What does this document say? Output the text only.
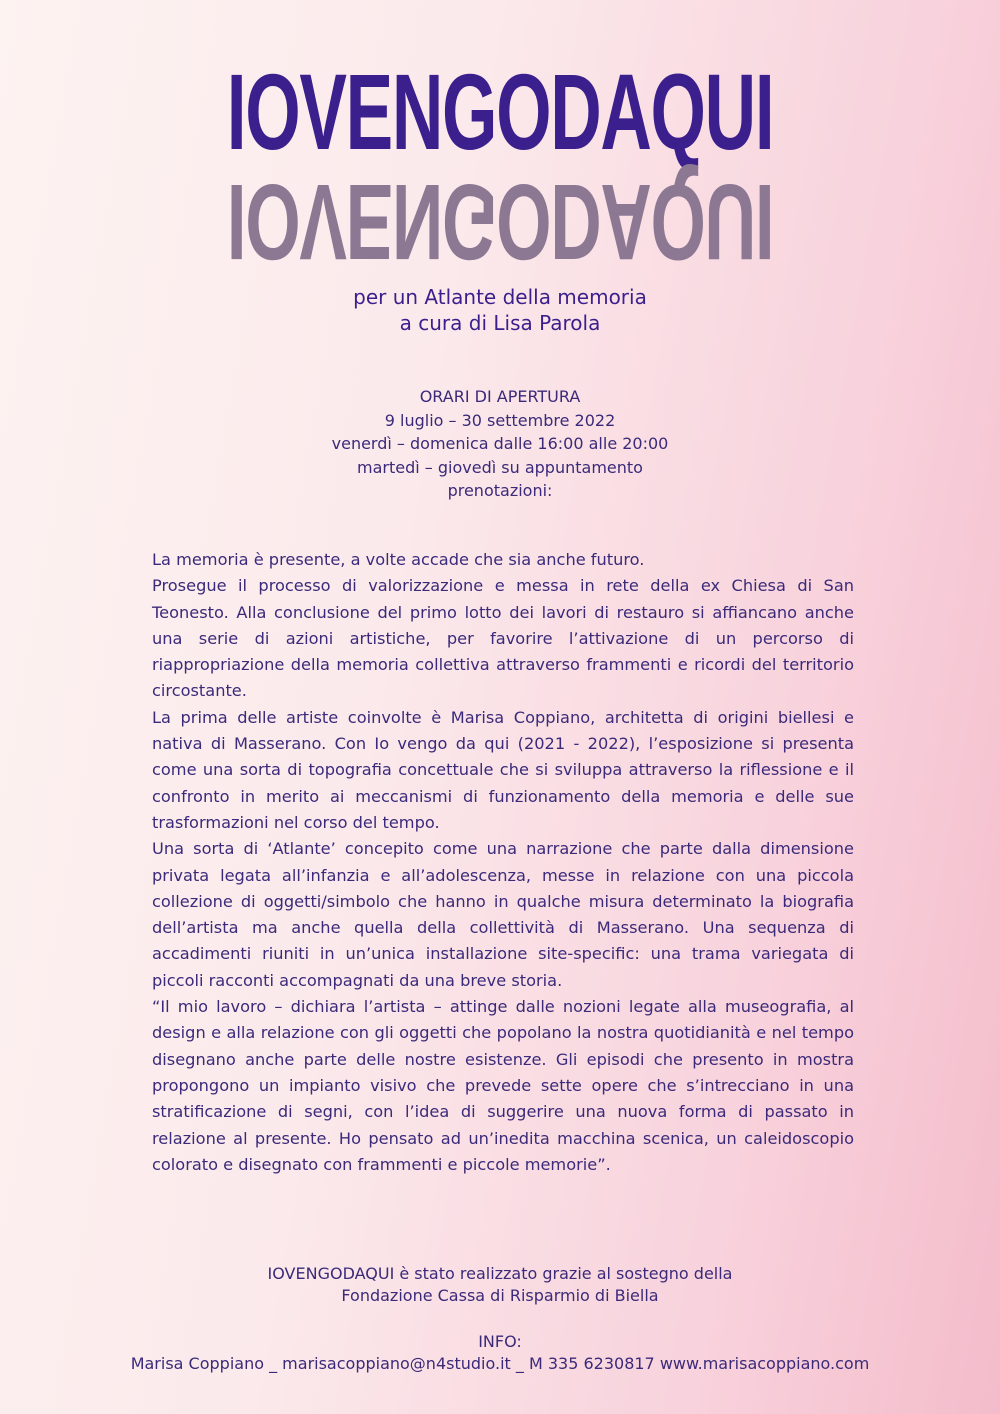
IOVENGODAQUI
IOVENGODAQUI
per un Atlante della memoria
a cura di Lisa Parola
ORARI DI APERTURA
9 luglio – 30 settembre 2022
venerdì – domenica dalle 16:00 alle 20:00
martedì – giovedì su appuntamento
prenotazioni:

La memoria è presente, a volte accade che sia anche futuro.

Prosegue il processo di valorizzazione e messa in rete della ex Chiesa di San Teonesto. Alla conclusione del primo lotto dei lavori di restauro si affiancano anche una serie di azioni artistiche, per favorire l’attivazione di un percorso di riappropriazione della memoria collettiva attraverso frammenti e ricordi del territorio circostante.

La prima delle artiste coinvolte è Marisa Coppiano, architetta di origini biellesi e nativa di Masserano. Con Io vengo da qui (2021 - 2022), l’esposizione si presenta come una sorta di topografia concettuale che si sviluppa attraverso la riflessione e il confronto in merito ai meccanismi di funzionamento della memoria e delle sue trasformazioni nel corso del tempo.

Una sorta di ‘Atlante’ concepito come una narrazione che parte dalla dimensione privata legata all’infanzia e all’adolescenza, messe in relazione con una piccola collezione di oggetti/simbolo che hanno in qualche misura determinato la biografia dell’artista ma anche quella della collettività di Masserano. Una sequenza di accadimenti riuniti in un’unica installazione site-specific: una trama variegata di piccoli racconti accompagnati da una breve storia.

“Il mio lavoro – dichiara l’artista – attinge dalle nozioni legate alla museografia, al design e alla relazione con gli oggetti che popolano la nostra quotidianità e nel tempo disegnano anche parte delle nostre esistenze. Gli episodi che presento in mostra propongono un impianto visivo che prevede sette opere che s’intrecciano in una stratificazione di segni, con l’idea di suggerire una nuova forma di passato in relazione al presente. Ho pensato ad un’inedita macchina scenica, un caleidoscopio colorato e disegnato con frammenti e piccole memorie”.

IOVENGODAQUI è stato realizzato grazie al sostegno della
Fondazione Cassa di Risparmio di Biella
INFO:
Marisa Coppiano _ marisacoppiano@n4studio.it _ M 335 6230817 www.marisacoppiano.com
